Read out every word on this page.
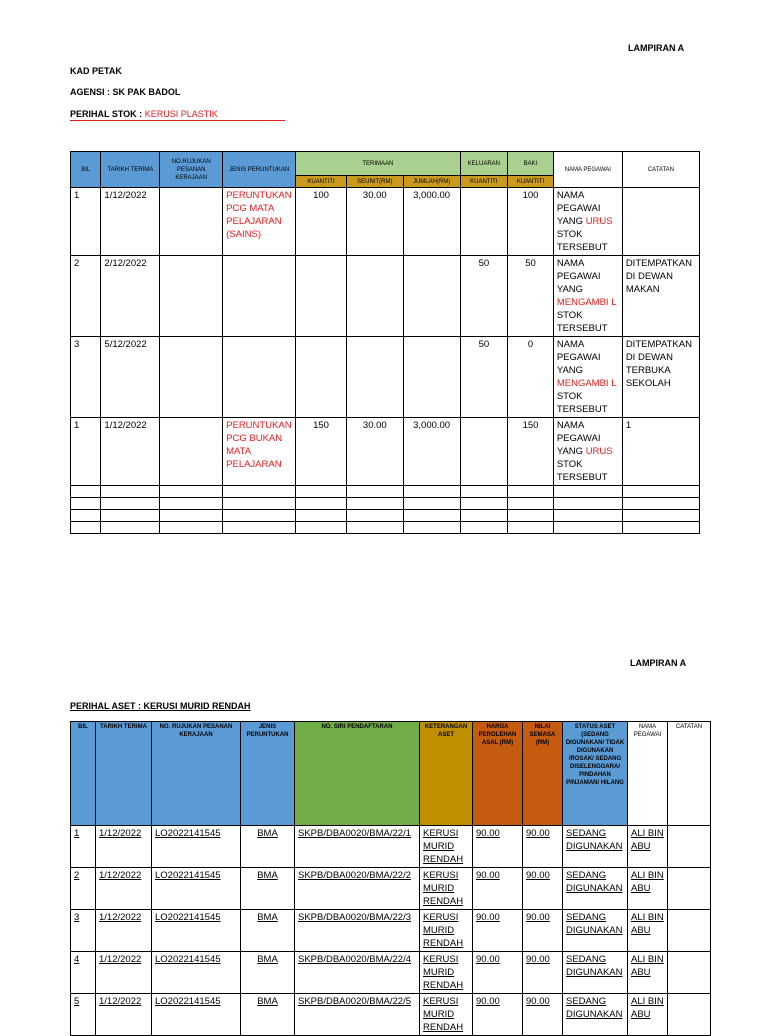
LAMPIRAN A
KAD PETAK
AGENSI : SK PAK BADOL
PERIHAL STOK : KERUSI PLASTIK
BIL	TARIKH TERIMA	NO.RUJUKAN PESANAN KERAJAAN	JENIS PERUNTUKAN	TERIMAAN			KELUARAN	BAKI	NAMA PEGAWAI	CATATAN
				KUANTITI	SEUNIT(RM)	JUMLAH(RM)	KUANTITI	KUANTITI		
1	1/12/2022		PERUNTUKAN PCG MATA PELAJARAN (SAINS)	100	30.00	3,000.00		100	NAMA PEGAWAI YANG URUS STOK TERSEBUT	
2	2/12/2022						50	50	NAMA PEGAWAI YANG MENGAMBI L STOK TERSEBUT	DITEMPATKAN DI DEWAN MAKAN
3	5/12/2022						50	0	NAMA PEGAWAI YANG MENGAMBI L STOK TERSEBUT	DITEMPATKAN DI DEWAN TERBUKA SEKOLAH
1	1/12/2022		PERUNTUKAN PCG BUKAN MATA PELAJARAN	150	30.00	3,000.00		150	NAMA PEGAWAI YANG URUS STOK TERSEBUT	1

LAMPIRAN A
PERIHAL ASET : KERUSI MURID RENDAH
BIL	TARIKH TERIMA	NO. RUJUKAN PESANAN KERAJAAN	JENIS PERUNTUKAN	NO. SIRI PENDAFTARAN	KETERANGAN ASET	HARGA PEROLEHAN ASAL (RM)	NILAI SEMASA (RM)	STATUS ASET (SEDANG DIGUNAKAN/ TIDAK DIGUNAKAN /ROSAK/ SEDANG DISELENGGARA/ PINDAHAN PINJAMAN/ HILANG	NAMA PEGAWAI	CATATAN
1	1/12/2022	LO2022141545	BMA	SKPB/DBA0020/BMA/22/1	KERUSI MURID RENDAH	90.00	90.00	SEDANG DIGUNAKAN	ALI BIN ABU	
2	1/12/2022	LO2022141545	BMA	SKPB/DBA0020/BMA/22/2	KERUSI MURID RENDAH	90.00	90.00	SEDANG DIGUNAKAN	ALI BIN ABU	
3	1/12/2022	LO2022141545	BMA	SKPB/DBA0020/BMA/22/3	KERUSI MURID RENDAH	90.00	90.00	SEDANG DIGUNAKAN	ALI BIN ABU	
4	1/12/2022	LO2022141545	BMA	SKPB/DBA0020/BMA/22/4	KERUSI MURID RENDAH	90.00	90.00	SEDANG DIGUNAKAN	ALI BIN ABU	
5	1/12/2022	LO2022141545	BMA	SKPB/DBA0020/BMA/22/5	KERUSI MURID RENDAH	90.00	90.00	SEDANG DIGUNAKAN	ALI BIN ABU	
